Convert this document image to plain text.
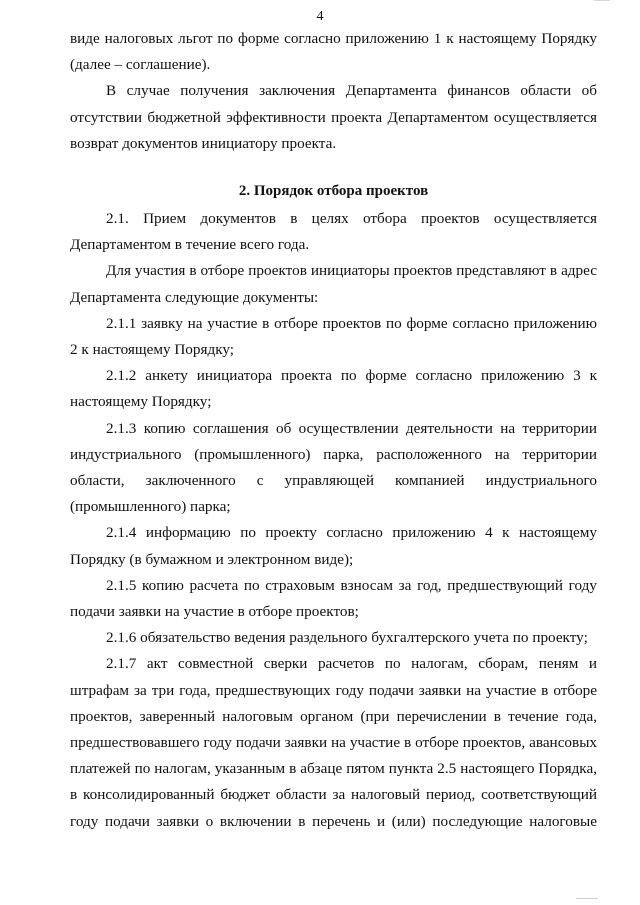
4

виде налоговых льгот по форме согласно приложению 1 к настоящему Порядку (далее – соглашение).

В случае получения заключения Департамента финансов области об отсутствии бюджетной эффективности проекта Департаментом осуществляется возврат документов инициатору проекта.

2. Порядок отбора проектов

2.1. Прием документов в целях отбора проектов осуществляется Департаментом в течение всего года.

Для участия в отборе проектов инициаторы проектов представляют в адрес Департамента следующие документы:

2.1.1 заявку на участие в отборе проектов по форме согласно приложению 2 к настоящему Порядку;

2.1.2 анкету инициатора проекта по форме согласно приложению 3 к настоящему Порядку;

2.1.3 копию соглашения об осуществлении деятельности на территории индустриального (промышленного) парка, расположенного на территории области, заключенного с управляющей компанией индустриального (промышленного) парка;

2.1.4 информацию по проекту согласно приложению 4 к настоящему Порядку (в бумажном и электронном виде);

2.1.5 копию расчета по страховым взносам за год, предшествующий году подачи заявки на участие в отборе проектов;

2.1.6 обязательство ведения раздельного бухгалтерского учета по проекту;

2.1.7 акт совместной сверки расчетов по налогам, сборам, пеням и штрафам за три года, предшествующих году подачи заявки на участие в отборе проектов, заверенный налоговым органом (при перечислении в течение года, предшествовавшего году подачи заявки на участие в отборе проектов, авансовых платежей по налогам, указанным в абзаце пятом пункта 2.5 настоящего Порядка, в консолидированный бюджет области за налоговый период, соответствующий году подачи заявки о включении в перечень и (или) последующие налоговые
